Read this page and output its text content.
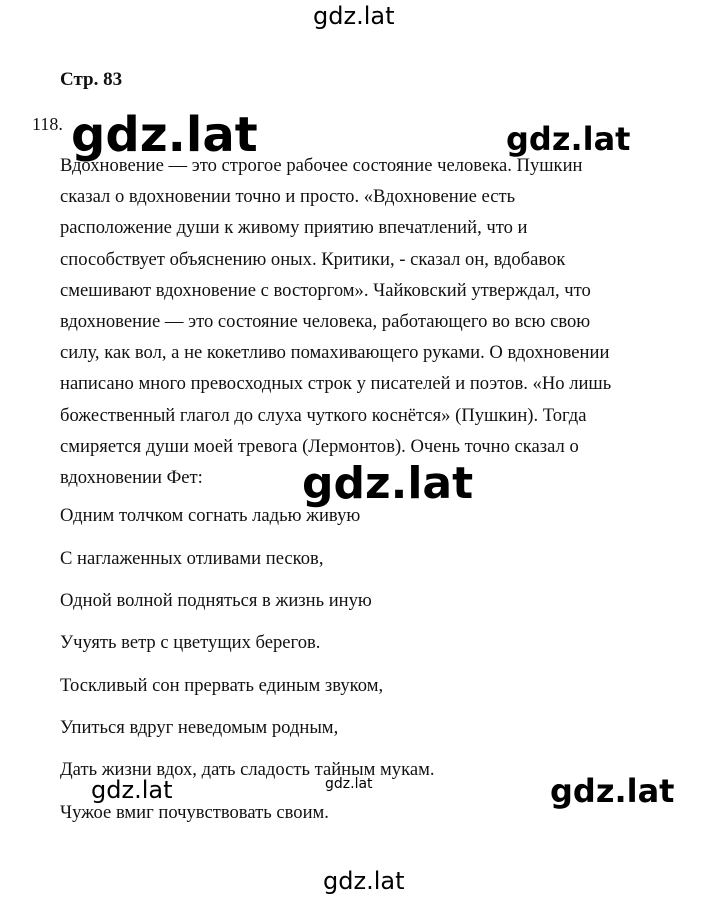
gdz.lat
Стр. 83
118.
Вдохновение — это строгое рабочее состояние человека. Пушкин
сказал о вдохновении точно и просто. «Вдохновение есть
расположение души к живому приятию впечатлений, что и
способствует объяснению оных. Критики, - сказал он, вдобавок
смешивают вдохновение с восторгом». Чайковский утверждал, что
вдохновение — это состояние человека, работающего во всю свою
силу, как вол, а не кокетливо помахивающего руками. О вдохновении
написано много превосходных строк у писателей и поэтов. «Но лишь
божественный глагол до слуха чуткого коснётся» (Пушкин). Тогда
смиряется души моей тревога (Лермонтов). Очень точно сказал о
вдохновении Фет:
Одним толчком согнать ладью живую
С наглаженных отливами песков,
Одной волной подняться в жизнь иную
Учуять ветр с цветущих берегов.
Тоскливый сон прервать единым звуком,
Упиться вдруг неведомым родным,
Дать жизни вдох, дать сладость тайным мукам.
Чужое вмиг почувствовать своим.
gdz.lat	gdz.lat
gdz.lat
gdz.lat	gdz.lat	gdz.lat
gdz.lat
